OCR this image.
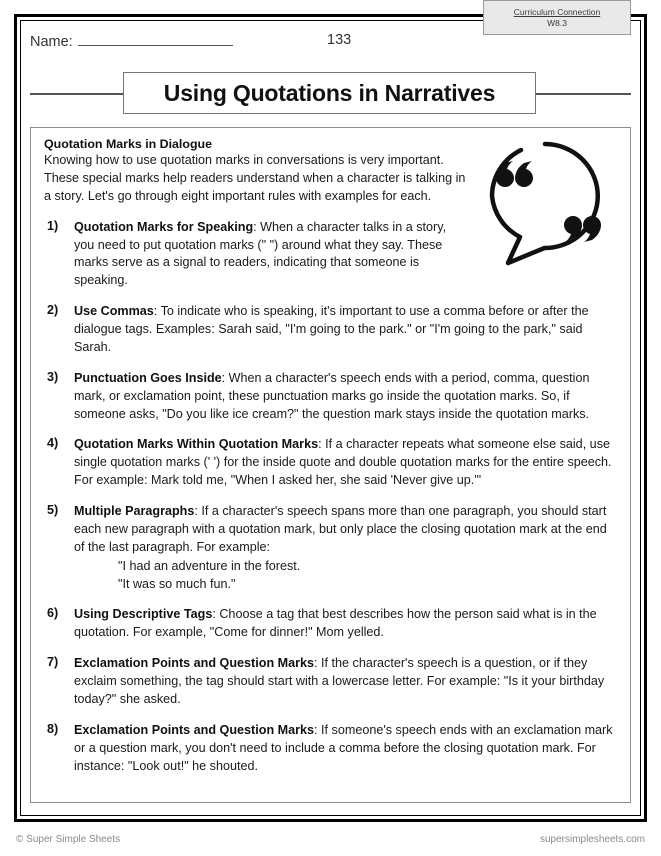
Name:	133
Curriculum Connection
W8.3
Using Quotations in Narratives
Quotation Marks in Dialogue

Knowing how to use quotation marks in conversations is very important. These special marks help readers understand when a character is talking in a story. Let's go through eight important rules with examples for each.

1)	Quotation Marks for Speaking: When a character talks in a story, you need to put quotation marks (" ") around what they say. These marks serve as a signal to readers, indicating that someone is speaking.
2)	Use Commas: To indicate who is speaking, it's important to use a comma before or after the dialogue tags. Examples: Sarah said, "I'm going to the park." or "I'm going to the park," said Sarah.
3)	Punctuation Goes Inside: When a character's speech ends with a period, comma, question mark, or exclamation point, these punctuation marks go inside the quotation marks. So, if someone asks, "Do you like ice cream?" the question mark stays inside the quotation marks.
4)	Quotation Marks Within Quotation Marks: If a character repeats what someone else said, use single quotation marks (' ') for the inside quote and double quotation marks for the entire speech. For example: Mark told me, "When I asked her, she said 'Never give up.'"
5)	Multiple Paragraphs: If a character's speech spans more than one paragraph, you should start each new paragraph with a quotation mark, but only place the closing quotation mark at the end of the last paragraph. For example:
"I had an adventure in the forest.
"It was so much fun."
6)	Using Descriptive Tags: Choose a tag that best describes how the person said what is in the quotation. For example, "Come for dinner!" Mom yelled.
7)	Exclamation Points and Question Marks: If the character's speech is a question, or if they exclaim something, the tag should start with a lowercase letter. For example: "Is it your birthday today?" she asked.
8)	Exclamation Points and Question Marks: If someone's speech ends with an exclamation mark or a question mark, you don't need to include a comma before the closing quotation mark. For instance: "Look out!" he shouted.
© Super Simple Sheets	supersimplesheets.com
